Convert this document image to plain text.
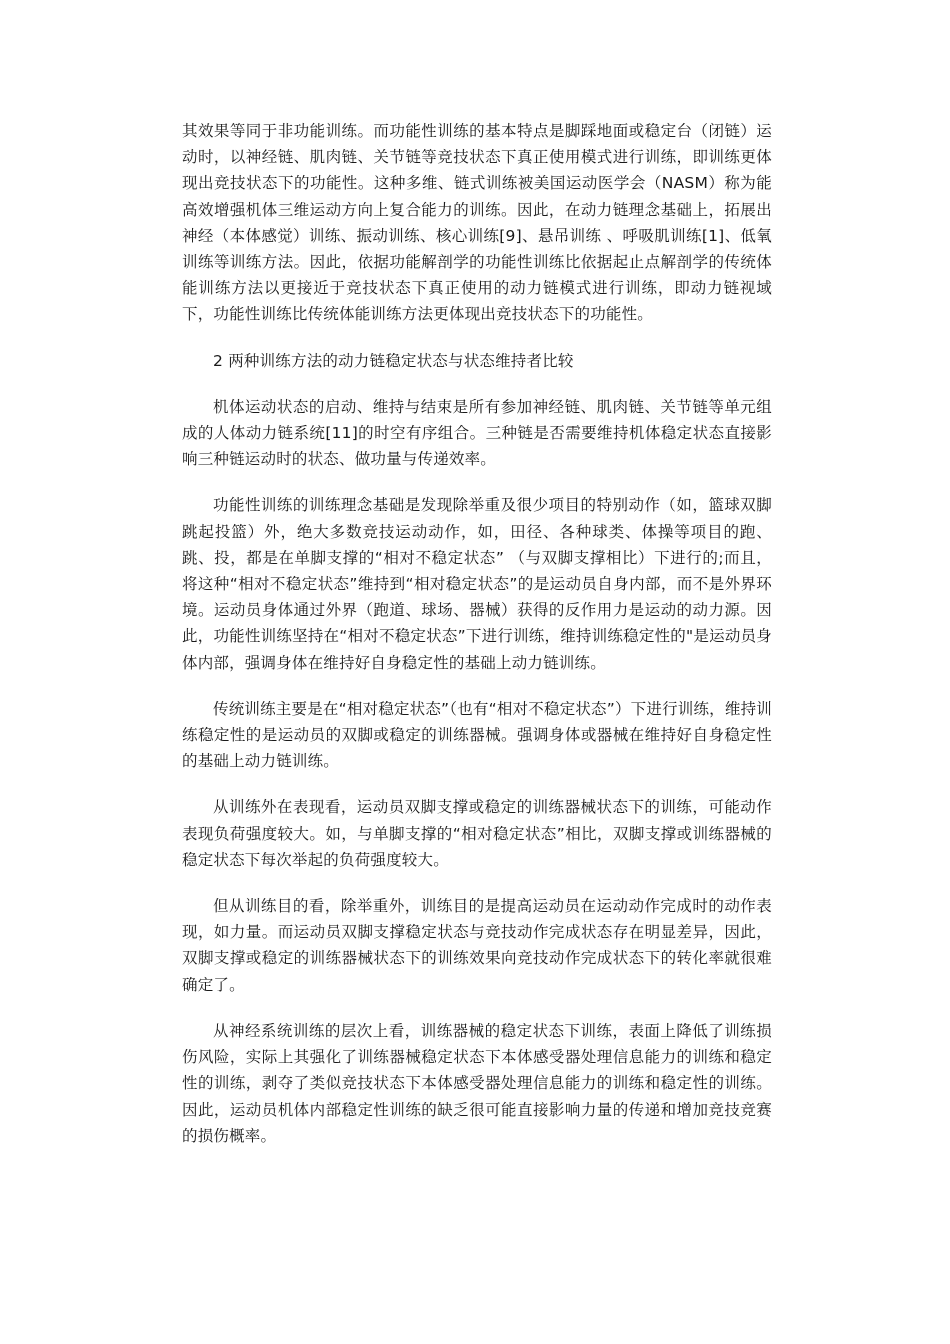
其效果等同于非功能训练。而功能性训练的基本特点是脚踩地面或稳定台（闭链）运动时，以神经链、肌肉链、关节链等竞技状态下真正使用模式进行训练，即训练更体现出竞技状态下的功能性。这种多维、链式训练被美国运动医学会（NASM）称为能高效增强机体三维运动方向上复合能力的训练。因此，在动力链理念基础上，拓展出神经（本体感觉）训练、振动训练、核心训练[9]、悬吊训练 、呼吸肌训练[1]、低氧训练等训练方法。因此，依据功能解剖学的功能性训练比依据起止点解剖学的传统体能训练方法以更接近于竞技状态下真正使用的动力链模式进行训练，即动力链视域下，功能性训练比传统体能训练方法更体现出竞技状态下的功能性。

2 两种训练方法的动力链稳定状态与状态维持者比较

机体运动状态的启动、维持与结束是所有参加神经链、肌肉链、关节链等单元组成的人体动力链系统[11]的时空有序组合。三种链是否需要维持机体稳定状态直接影响三种链运动时的状态、做功量与传递效率。

功能性训练的训练理念基础是发现除举重及很少项目的特别动作（如，篮球双脚跳起投篮）外，绝大多数竞技运动动作，如，田径、各种球类、体操等项目的跑、跳、投，都是在单脚支撑的“相对不稳定状态” （与双脚支撑相比）下进行的;而且，将这种“相对不稳定状态”维持到“相对稳定状态”的是运动员自身内部，而不是外界环境。运动员身体通过外界（跑道、球场、器械）获得的反作用力是运动的动力源。因此，功能性训练坚持在“相对不稳定状态”下进行训练，维持训练稳定性的"是运动员身体内部，强调身体在维持好自身稳定性的基础上动力链训练。

传统训练主要是在“相对稳定状态”（也有“相对不稳定状态”）下进行训练，维持训练稳定性的是运动员的双脚或稳定的训练器械。强调身体或器械在维持好自身稳定性的基础上动力链训练。

从训练外在表现看，运动员双脚支撑或稳定的训练器械状态下的训练，可能动作表现负荷强度较大。如，与单脚支撑的“相对稳定状态”相比，双脚支撑或训练器械的稳定状态下每次举起的负荷强度较大。

但从训练目的看，除举重外，训练目的是提高运动员在运动动作完成时的动作表现，如力量。而运动员双脚支撑稳定状态与竞技动作完成状态存在明显差异，因此，双脚支撑或稳定的训练器械状态下的训练效果向竞技动作完成状态下的转化率就很难确定了。

从神经系统训练的层次上看，训练器械的稳定状态下训练，表面上降低了训练损伤风险，实际上其强化了训练器械稳定状态下本体感受器处理信息能力的训练和稳定性的训练，剥夺了类似竞技状态下本体感受器处理信息能力的训练和稳定性的训练。因此，运动员机体内部稳定性训练的缺乏很可能直接影响力量的传递和增加竞技竞赛的损伤概率。
